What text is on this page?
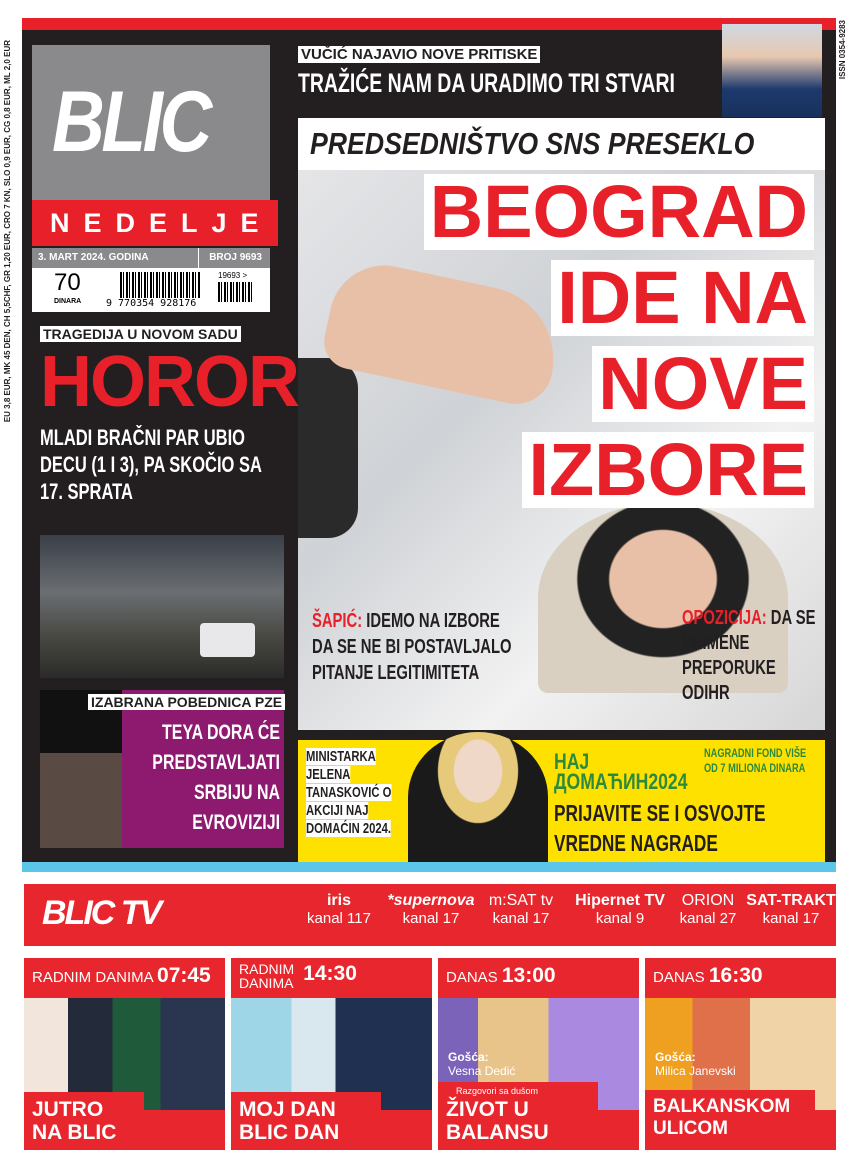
EU 3,8 EUR, MK 45 DEN, CH 5,5CHF, GR 1,20 EUR, CRO 7 KN, SLO 0,9 EUR, CG 0,8 EUR, ML 2,0 EUR	ISSN 0354-9283
BLIC
NEDELJE
3. MART 2024. GODINA	BROJ 9693
70
DINARA 9 770354 928176
19693 >
VUČIĆ NAJAVIO NOVE PRITISKE
TRAŽIĆE NAM DA URADIMO TRI STVARI
PREDSEDNIŠTVO SNS PRESEKLO
BEOGRAD
IDE NA
NOVE
IZBORE
ŠAPIĆ: IDEMO NA IZBORE DA SE NE BI POSTAVLJALO PITANJE LEGITIMITETA
OPOZICIJA: DA SE PRIMENE PREPORUKE ODIHR
TRAGEDIJA U NOVOM SADU
HOROR
MLADI BRAČNI PAR UBIO DECU (1 I 3), PA SKOČIO SA 17. SPRATA
IZABRANA POBEDNICA PZE
TEYA DORA ĆE PREDSTAVLJATI SRBIJU NA EVROVIZIJI
MINISTARKA JELENA TANASKOVIĆ O AKCIJI NAJ DOMAĆIN 2024.
НАЈ
ДОМАЋИН2024
NAGRADNI FOND VIŠE OD 7 MILIONA DINARA
PRIJAVITE SE I OSVOJTE VREDNE NAGRADE
BLIC TV	iris
kanal 117
*supernova
kanal 17
m:SAT tv
kanal 17
Hipernet TV
kanal 9
ORION
kanal 27
SAT-TRAKT
kanal 17
RADNIM DANIMA 07:45
JUTRO NA BLIC
RADNIM DANIMA 14:30
MOJ DAN BLIC DAN
DANAS 13:00
Gošća:
Vesna Dedić
Razgovori sa dušom
ŽIVOT U BALANSU
DANAS 16:30
Gošća:
Milica Janevski
BALKANSKOM ULICOM
